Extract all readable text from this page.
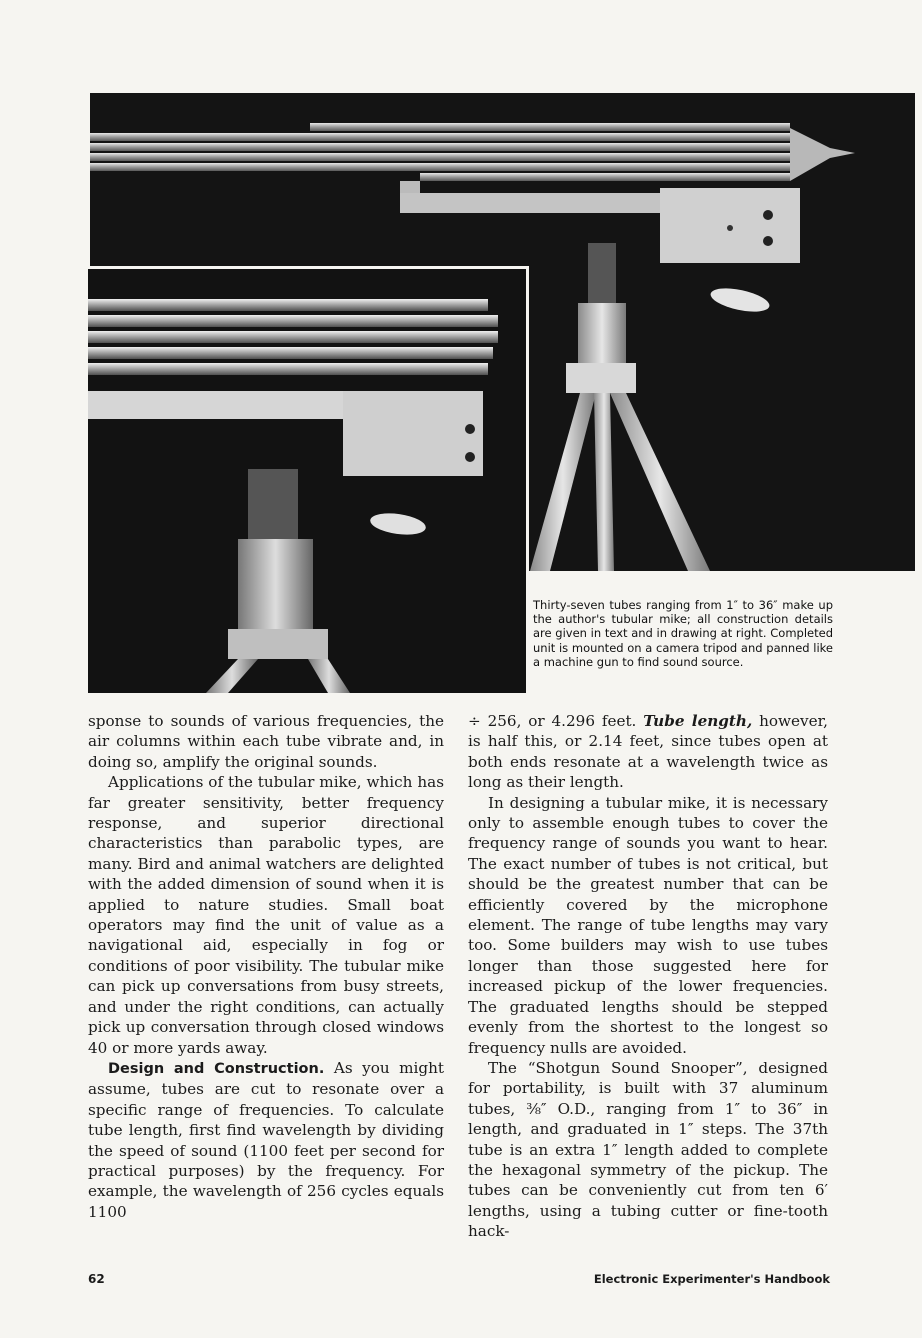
Thirty-seven tubes ranging from 1″ to 36″ make up the author's tubular mike; all construction details are given in text and in drawing at right. Completed unit is mounted on a camera tripod and panned like a machine gun to find sound source.

sponse to sounds of various frequencies, the air columns within each tube vibrate and, in doing so, amplify the original sounds.

Applications of the tubular mike, which has far greater sensitivity, better frequency response, and superior directional characteristics than parabolic types, are many. Bird and animal watchers are delighted with the added dimension of sound when it is applied to nature studies. Small boat operators may find the unit of value as a navigational aid, especially in fog or conditions of poor visibility. The tubular mike can pick up conversations from busy streets, and under the right conditions, can actually pick up conversation through closed windows 40 or more yards away.

Design and Construction. As you might assume, tubes are cut to resonate over a specific range of frequencies. To calculate tube length, first find wavelength by dividing the speed of sound (1100 feet per second for practical purposes) by the frequency. For example, the wavelength of 256 cycles equals 1100

÷ 256, or 4.296 feet. Tube length, however, is half this, or 2.14 feet, since tubes open at both ends resonate at a wavelength twice as long as their length.

In designing a tubular mike, it is necessary only to assemble enough tubes to cover the frequency range of sounds you want to hear. The exact number of tubes is not critical, but should be the greatest number that can be efficiently covered by the microphone element. The range of tube lengths may vary too. Some builders may wish to use tubes longer than those suggested here for increased pickup of the lower frequencies. The graduated lengths should be stepped evenly from the shortest to the longest so frequency nulls are avoided.

The “Shotgun Sound Snooper”, designed for portability, is built with 37 aluminum tubes, ⅜″ O.D., ranging from 1″ to 36″ in length, and graduated in 1″ steps. The 37th tube is an extra 1″ length added to complete the hexagonal symmetry of the pickup. The tubes can be conveniently cut from ten 6′ lengths, using a tubing cutter or fine-tooth hack-

62	Electronic Experimenter's Handbook
